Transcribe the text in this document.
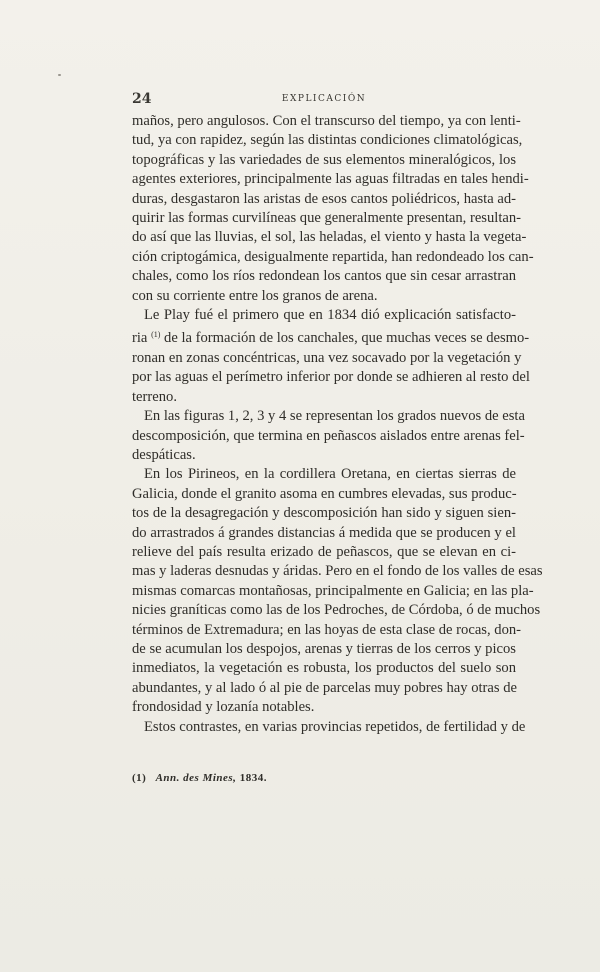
24	EXPLICACIÓN
maños, pero angulosos. Con el transcurso del tiempo, ya con lenti-
tud, ya con rapidez, según las distintas condiciones climatológicas,
topográficas y las variedades de sus elementos mineralógicos, los
agentes exteriores, principalmente las aguas filtradas en tales hendi-
duras, desgastaron las aristas de esos cantos poliédricos, hasta ad-
quirir las formas curvilíneas que generalmente presentan, resultan-
do así que las lluvias, el sol, las heladas, el viento y hasta la vegeta-
ción criptogámica, desigualmente repartida, han redondeado los can-
chales, como los ríos redondean los cantos que sin cesar arrastran
con su corriente entre los granos de arena.
Le Play fué el primero que en 1834 dió explicación satisfacto-
ria $^{(1)}$ de la formación de los canchales, que muchas veces se desmo-
ronan en zonas concéntricas, una vez socavado por la vegetación y
por las aguas el perímetro inferior por donde se adhieren al resto del
terreno.
En las figuras 1, 2, 3 y 4 se representan los grados nuevos de esta
descomposición, que termina en peñascos aislados entre arenas fel-
despáticas.
En los Pirineos, en la cordillera Oretana, en ciertas sierras de
Galicia, donde el granito asoma en cumbres elevadas, sus produc-
tos de la desagregación y descomposición han sido y siguen sien-
do arrastrados á grandes distancias á medida que se producen y el
relieve del país resulta erizado de peñascos, que se elevan en ci-
mas y laderas desnudas y áridas. Pero en el fondo de los valles de esas
mismas comarcas montañosas, principalmente en Galicia; en las pla-
nicies graníticas como las de los Pedroches, de Córdoba, ó de muchos
términos de Extremadura; en las hoyas de esta clase de rocas, don-
de se acumulan los despojos, arenas y tierras de los cerros y picos
inmediatos, la vegetación es robusta, los productos del suelo son
abundantes, y al lado ó al pie de parcelas muy pobres hay otras de
frondosidad y lozanía notables.
Estos contrastes, en varias provincias repetidos, de fertilidad y de
(1) Ann. des Mines, 1834.
